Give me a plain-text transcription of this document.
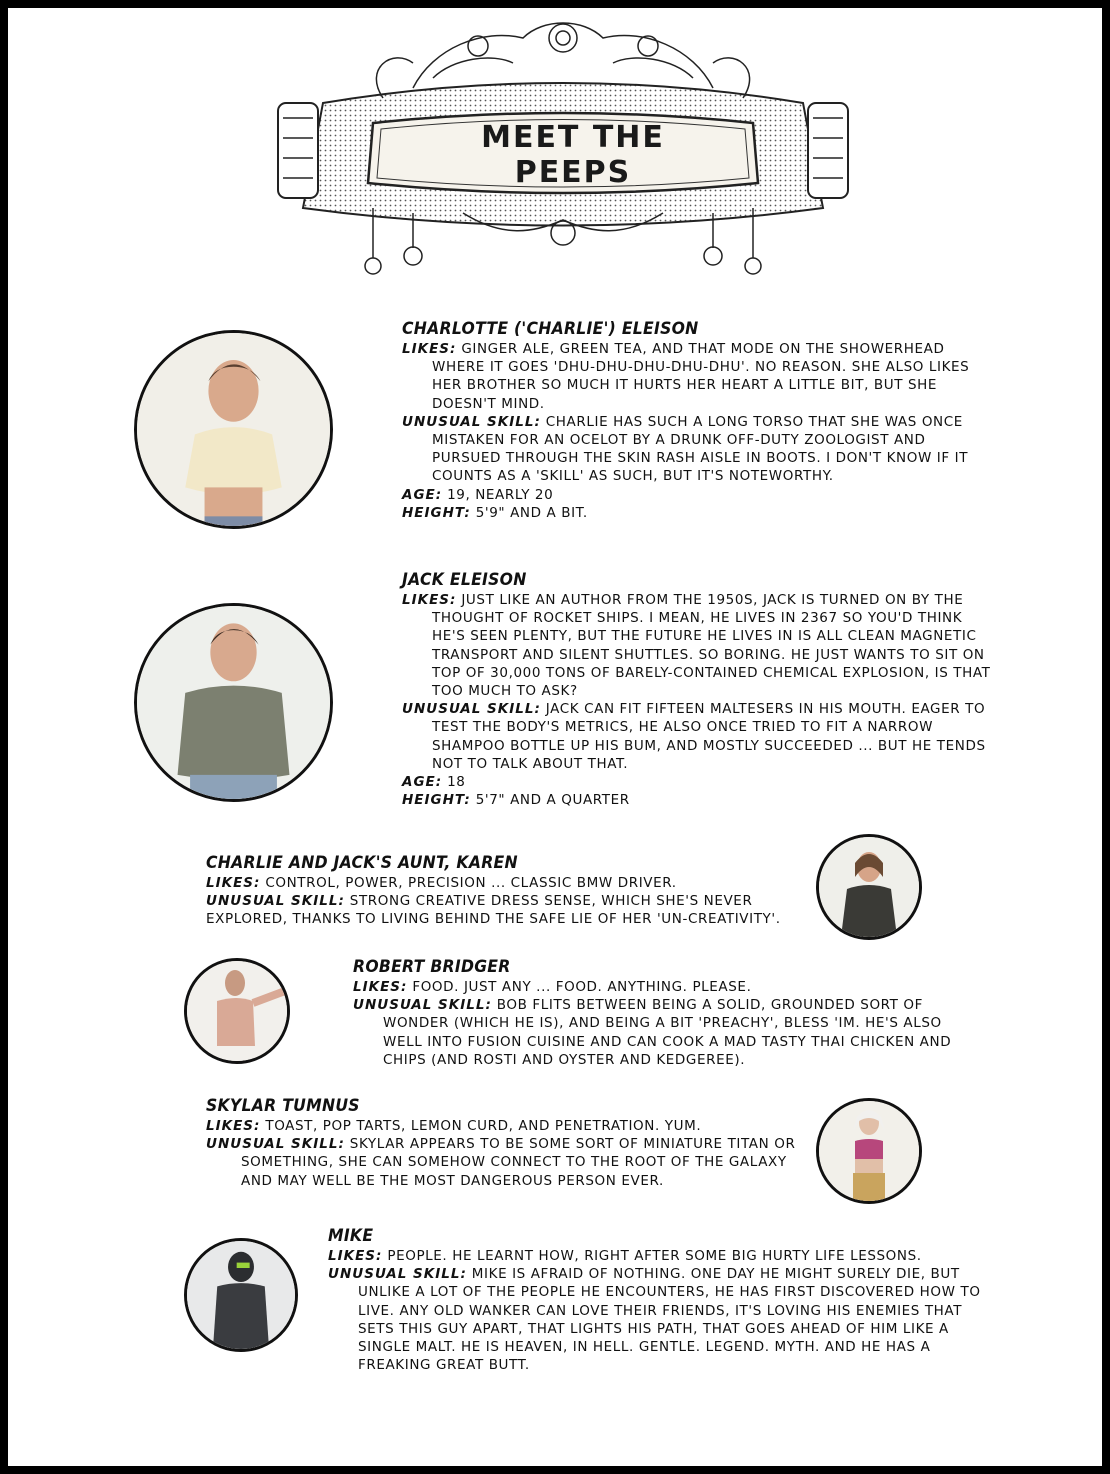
MEET THE PEEPS
CHARLOTTE ('CHARLIE') ELEISON
LIKES: GINGER ALE, GREEN TEA, AND THAT MODE ON THE SHOWERHEAD WHERE IT GOES 'DHU-DHU-DHU-DHU-DHU'. NO REASON. SHE ALSO LIKES HER BROTHER SO MUCH IT HURTS HER HEART A LITTLE BIT, BUT SHE DOESN'T MIND.
UNUSUAL SKILL: CHARLIE HAS SUCH A LONG TORSO THAT SHE WAS ONCE MISTAKEN FOR AN OCELOT BY A DRUNK OFF-DUTY ZOOLOGIST AND PURSUED THROUGH THE SKIN RASH AISLE IN BOOTS. I DON'T KNOW IF IT COUNTS AS A 'SKILL' AS SUCH, BUT IT'S NOTEWORTHY.
AGE: 19, NEARLY 20
HEIGHT: 5'9" AND A BIT.
JACK ELEISON
LIKES: JUST LIKE AN AUTHOR FROM THE 1950S, JACK IS TURNED ON BY THE THOUGHT OF ROCKET SHIPS. I MEAN, HE LIVES IN 2367 SO YOU'D THINK HE'S SEEN PLENTY, BUT THE FUTURE HE LIVES IN IS ALL CLEAN MAGNETIC TRANSPORT AND SILENT SHUTTLES. SO BORING. HE JUST WANTS TO SIT ON TOP OF 30,000 TONS OF BARELY-CONTAINED CHEMICAL EXPLOSION, IS THAT TOO MUCH TO ASK?
UNUSUAL SKILL: JACK CAN FIT FIFTEEN MALTESERS IN HIS MOUTH. EAGER TO TEST THE BODY'S METRICS, HE ALSO ONCE TRIED TO FIT A NARROW SHAMPOO BOTTLE UP HIS BUM, AND MOSTLY SUCCEEDED ... BUT HE TENDS NOT TO TALK ABOUT THAT.
AGE: 18
HEIGHT: 5'7" AND A QUARTER
CHARLIE AND JACK'S AUNT, KAREN
LIKES: CONTROL, POWER, PRECISION ... CLASSIC BMW DRIVER.
UNUSUAL SKILL: STRONG CREATIVE DRESS SENSE, WHICH SHE'S NEVER EXPLORED, THANKS TO LIVING BEHIND THE SAFE LIE OF HER 'UN-CREATIVITY'.
ROBERT BRIDGER
LIKES: FOOD. JUST ANY ... FOOD. ANYTHING. PLEASE.
UNUSUAL SKILL: BOB FLITS BETWEEN BEING A SOLID, GROUNDED SORT OF WONDER (WHICH HE IS), AND BEING A BIT 'PREACHY', BLESS 'IM. HE'S ALSO WELL INTO FUSION CUISINE AND CAN COOK A MAD TASTY THAI CHICKEN AND CHIPS (AND ROSTI AND OYSTER AND KEDGEREE).
SKYLAR TUMNUS
LIKES: TOAST, POP TARTS, LEMON CURD, AND PENETRATION. YUM.
UNUSUAL SKILL: SKYLAR APPEARS TO BE SOME SORT OF MINIATURE TITAN OR SOMETHING, SHE CAN SOMEHOW CONNECT TO THE ROOT OF THE GALAXY AND MAY WELL BE THE MOST DANGEROUS PERSON EVER.
MIKE
LIKES: PEOPLE. HE LEARNT HOW, RIGHT AFTER SOME BIG HURTY LIFE LESSONS.
UNUSUAL SKILL: MIKE IS AFRAID OF NOTHING. ONE DAY HE MIGHT SURELY DIE, BUT UNLIKE A LOT OF THE PEOPLE HE ENCOUNTERS, HE HAS FIRST DISCOVERED HOW TO LIVE. ANY OLD WANKER CAN LOVE THEIR FRIENDS, IT'S LOVING HIS ENEMIES THAT SETS THIS GUY APART, THAT LIGHTS HIS PATH, THAT GOES AHEAD OF HIM LIKE A SINGLE MALT. HE IS HEAVEN, IN HELL. GENTLE. LEGEND. MYTH. AND HE HAS A FREAKING GREAT BUTT.
